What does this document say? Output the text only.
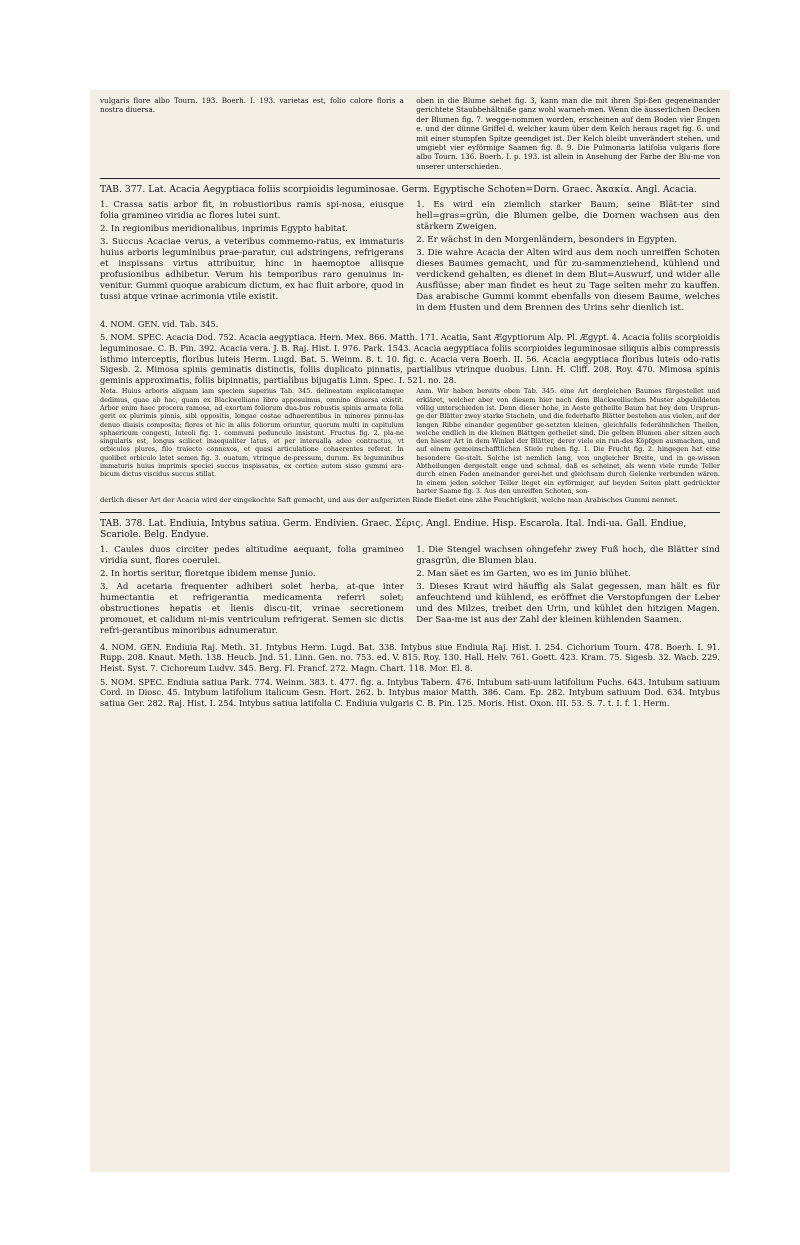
vulgaris flore albo Tourn. 193. Boerh. I. 193. varietas est, folio colore floris a nostra diuersa.
oben in die Blume siehet fig. 3, kann man die mit ihren Spi-ßen gegeneinander gerichtete Staubbehältniße ganz wohl warneh-men. Wenn die äusserlichen Decken der Blumen fig. 7. wegge-nommen worden, erscheinen auf dem Boden vier Engen e. und der dünne Griffel d, welcher kaum über dem Kelch heraus raget fig. 6. und mit einer stumpfen Spitze geendiget ist. Der Kelch bleibt unverändert stehen, und umgiebt vier eyförmige Saamen fig. 8. 9. Die Pulmonaria latifolia vulgaris flore albo Tourn. 136. Boerh. I. p. 193. ist allein in Ansehung der Farbe der Blu-me von unserer unterschieden.
TAB. 377. Lat. Acacia Aegyptiaca foliis scorpioidis leguminosae. Germ. Egyptische Schoten=Dorn. Graec. Ἀκακία. Angl. Acacia.

1. Crassa satis arbor fit, in robustioribus ramis spi-nosa, eiusque folia gramineo viridia ac flores lutei sunt.

2. In regionibus meridionalibus, inprimis Egypto habitat.

3. Succus Acaciae verus, a veteribus commemo-ratus, ex immaturis huius arboris leguminibus prae-paratur, cui adstringens, refrigerans et inspissans virtus attribuitur, hinc in haemoptoe aliisque profusionibus adhibetur. Verum his temporibus raro genuinus in-venitur. Gummi quoque arabicum dictum, ex hac fluit arbore, quod in tussi atque vrinae acrimonia vtile existit.

1. Es wird ein ziemlich starker Baum, seine Blät-ter sind hell=gras=grün, die Blumen gelbe, die Dornen wachsen aus den stärkern Zweigen.

2. Er wächst in den Morgenländern, besonders in Egypten.

3. Die wahre Acacia der Alten wird aus dem noch unreiffen Schoten dieses Baumes gemacht, und für zu-sammenziehend, kühlend und verdickend gehalten, es dienet in dem Blut=Auswurf, und wider alle Ausflüsse; aber man findet es heut zu Tage selten mehr zu kauffen. Das arabische Gummi kommt ebenfalls von diesem Baume, welches in dem Husten und dem Brennen des Urins sehr dienlich ist.

4. NOM. GEN. vid. Tab. 345.
5. NOM. SPEC. Acacia Dod. 752. Acacia aegyptiaca. Hern. Mex. 866. Matth. 171. Acatia, Sant Ægyptiorum Alp. Pl. Ægypt. 4. Acacia foliis scorpioidis leguminosae. C. B. Pin. 392. Acacia vera. J. B. Raj. Hist. I. 976. Park. 1543. Acacia aegyptiaca foliis scorpioides leguminosae siliquis albis compressis isthmo interceptis, floribus luteis Herm. Lugd. Bat. 5. Weinm. 8. t. 10. fig. c. Acacia vera Boerh. II. 56. Acacia aegyptiaca floribus luteis odo-ratis Sigesb. 2. Mimosa spinis geminatis distinctis, foliis duplicato pinnatis, partialibus vtrinque duobus. Linn. H. Cliff. 208. Roy. 470. Mimosa spinis geminis approximatis, foliis bipinnatis, partialibus bijugatis Linn. Spec. I. 521. no. 28.
Nota. Huius arboris aliquam iam speciem superius Tab. 345. delineatam explicatamque dedimus, quae ab hac, quam ex Blackwelliano libro apposuimus, omnino diuersa existit. Arbor enim haec procera ramosa, ad exortum foliorum dua-bus robustis spinis armata folia gerit ex plurimis pinnis, sibi oppositis, longae costae adhaerentibus in minores pinnu-las denuo diuisis composita; flores et hic in aliis foliorum oriuntur, quorum multi in capitulum sphaericum congesti, luteoli fig. 1. communi pedunculo insistunt. Fructus fig. 2. pla-ne singularis est, longus scilicet inaequaliter latus, et per interualla adeo contractus, vt orbiculos plures, filo traiecto connexos, et quasi articulatione cohaerentes referat. In quolibet orbiculo latet semen fig. 3. ouatum, vtrinque de-pressum, durum. Ex leguminibus immaturis huius imprimis speciei succus inspissatus, ex cortice autem sisso gummi ara-bicum dictus viscidus succus stillat.
Anm. Wir haben bereits oben Tab. 345. eine Art dergleichen Baumes fürgestellet und erkläret, welcher aber von diesem hier nach dem Blackwellischen Muster abgebildeten völlig unterschieden ist. Denn dieser hohe, in Aeste getheilte Baum hat bey dem Ursprun-ge der Blätter zwey starke Stacheln, und die federhafte Blätter bestehen aus vielen, auf der langen Ribbe einander gegenüber ge-setzten kleinen, gleichfalls federähnlichen Theilen, welche endlich in die kleinen Blättgen getheilet sind. Die gelben Blumen aber sitzen auch den hieser Art in dem Winkel der Blätter, derer viele ein run-des Köpfgen ausmachen, und auf einem gemeinschafftlichen Stiele ruhen fig. 1. Die Frucht fig. 2. hingegen hat eine besondere Ge-stalt. Solche ist nemlich lang, von ungleicher Breite, und in ge-wissen Abtheilungen dergestalt enge und schmal, daß es scheinet, als wenn viele runde Teller durch einen Faden aneinander gerei-het und gleichsam durch Gelenke verbunden wären. In einem jeden solcher Teller lieget ein eyförmiger, auf beyden Seiten platt gedrückter harter Saame fig. 3. Aus den unreiffen Schoten, son-
derlich dieser Art der Acacia wird der eingekochte Saft gemacht, und aus der aufgerizten Rinde fließet eine zähe Feuchtigkeit, welche man Arabisches Gummi nennet.
TAB. 378. Lat. Endiuia, Intybus satiua. Germ. Endivien. Graec. Σέρις. Angl. Endiue. Hisp. Escarola. Ital. Indi-ua. Gall. Endiue, Scariole. Belg. Endyue.

1. Caules duos circiter pedes altitudine aequant, folia gramineo viridia sunt, flores coerulei.

2. In hortis seritur, floretque ibidem mense Junio.

3. Ad acetaria frequenter adhiberi solet herba, at-que inter humectantia et refrigerantia medicamenta referri solet; obstructiones hepatis et lienis discu-tit, vrinae secretionem promouet, et calidum ni-mis ventriculum refrigerat. Semen sic dictis refri-gerantibus minoribus adnumeratur.

1. Die Stengel wachsen ohngefehr zwey Fuß hoch, die Blätter sind grasgrün, die Blumen blau.

2. Man säet es im Garten, wo es im Junio blühet.

3. Dieses Kraut wird häuffig als Salat gegessen, man hält es für anfeuchtend und kühlend, es eröffnet die Verstopfungen der Leber und des Milzes, treibet den Urin, und kühlet den hitzigen Magen. Der Saa-me ist aus der Zahl der kleinen kühlenden Saamen.

4. NOM. GEN. Endiuia Raj. Meth. 31. Intybus Herm. Lugd. Bat. 338. Intybus siue Endiuia Raj. Hist. I. 254. Cichorium Tourn. 478. Boerh. I. 91. Rupp. 208. Knaut. Meth. 138. Heucb. Jnd. 51. Linn. Gen. no. 753. ed. V. 815. Roy. 130. Hall. Helv. 761. Goett. 423. Kram. 75. Sigesb. 32. Wacb. 229. Heist. Syst. 7. Cichoreum Ludvv. 345. Berg. Fl. Francf. 272. Magn. Chart. 118. Mor. El. 8.
5. NOM. SPEC. Endiuia satiua Park. 774. Weinm. 383. t. 477. fig. a. Intybus Tabern. 476. Intubum sati-uum latifolium Fuchs. 643. Intubum satiuum Cord. in Diosc. 45. Intybum latifolium italicum Gesn. Hort. 262. b. Intybus maior Matth. 386. Cam. Ep. 282. Intybum satiuum Dod. 634. Intybus satiua Ger. 282. Raj. Hist. I. 254. Intybus satiua latifolia C. Endiuia vulgaris C. B. Pin. 125. Moris. Hist. Oxon. III. 53. S. 7. t. I. f. 1. Herm.
